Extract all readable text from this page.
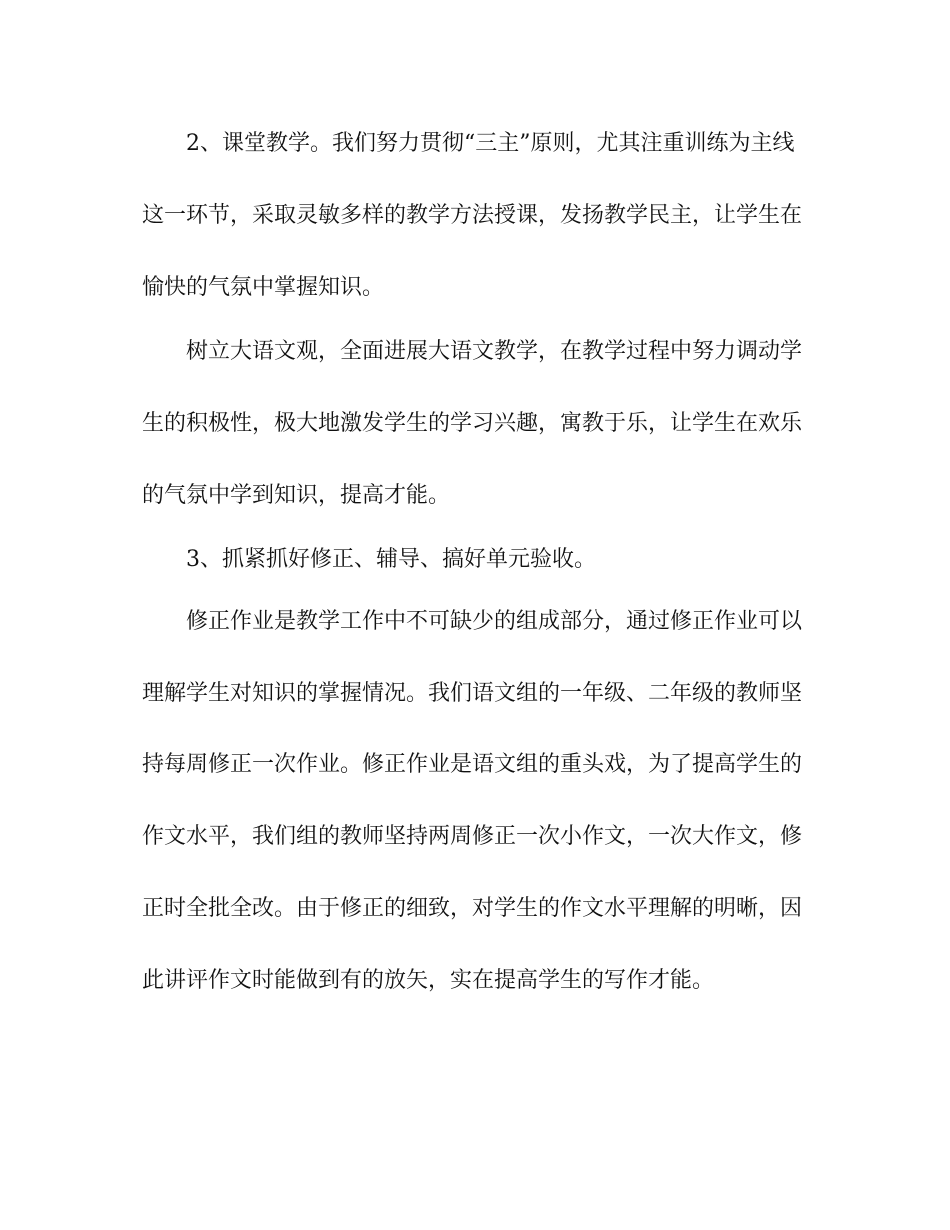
2、课堂教学。我们努力贯彻“三主”原则，尤其注重训练为主线
这一环节，采取灵敏多样的教学方法授课，发扬教学民主，让学生在
愉快的气氛中掌握知识。
树立大语文观，全面进展大语文教学，在教学过程中努力调动学
生的积极性，极大地激发学生的学习兴趣，寓教于乐，让学生在欢乐
的气氛中学到知识，提高才能。
3、抓紧抓好修正、辅导、搞好单元验收。
修正作业是教学工作中不可缺少的组成部分，通过修正作业可以
理解学生对知识的掌握情况。我们语文组的一年级、二年级的教师坚
持每周修正一次作业。修正作业是语文组的重头戏，为了提高学生的
作文水平，我们组的教师坚持两周修正一次小作文，一次大作文，修
正时全批全改。由于修正的细致，对学生的作文水平理解的明晰，因
此讲评作文时能做到有的放矢，实在提高学生的写作才能。
